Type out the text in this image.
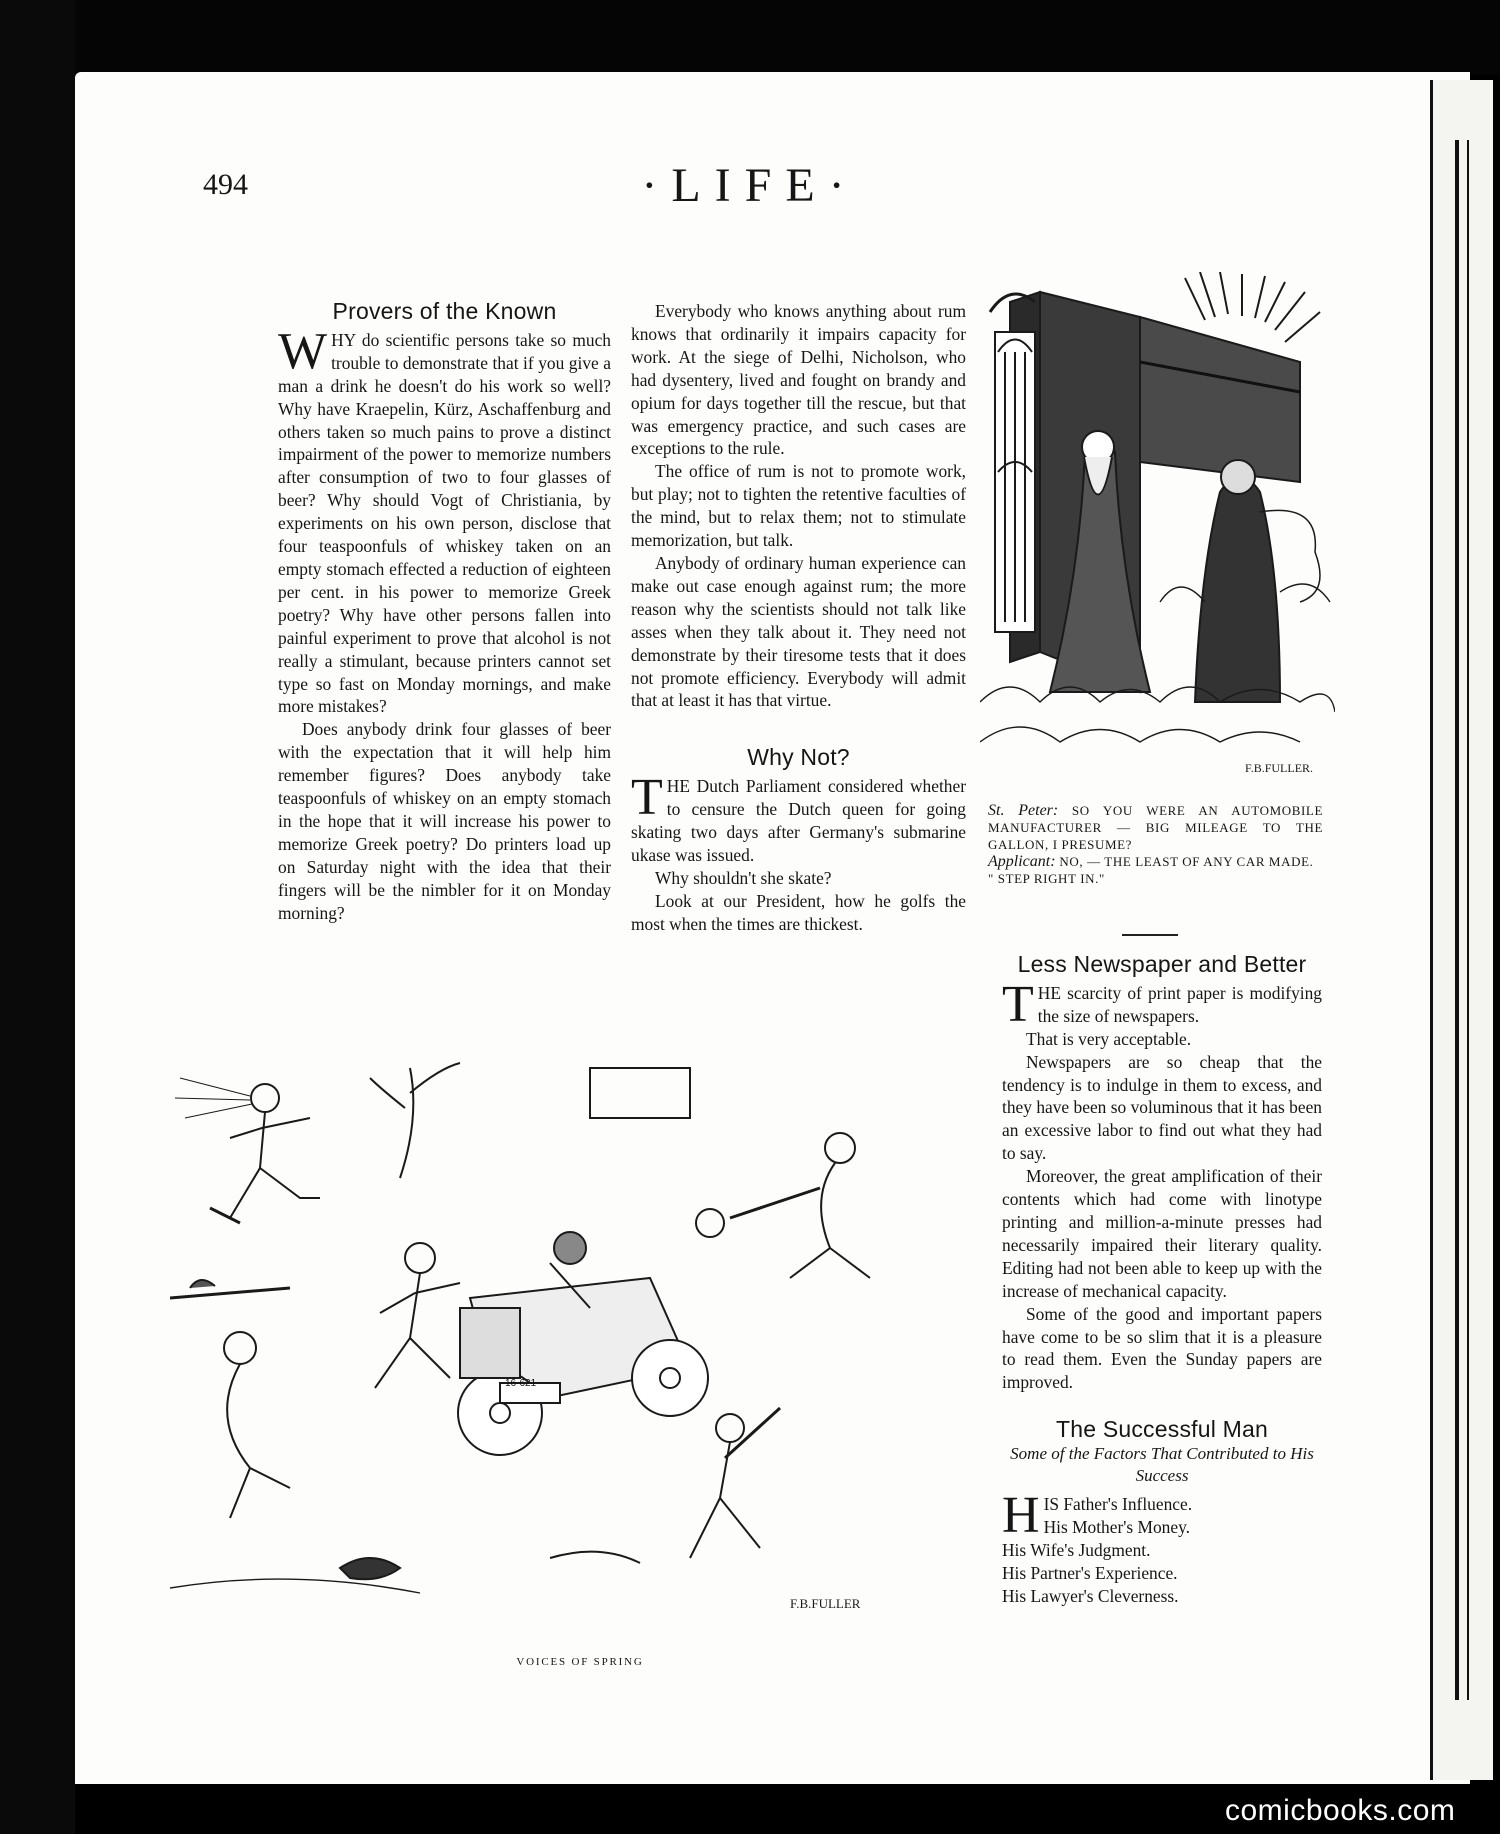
494	·LIFE·
Provers of the Known

WHY do scientific persons take so much trouble to demonstrate that if you give a man a drink he doesn't do his work so well? Why have Kraepelin, Kürz, Aschaffenburg and others taken so much pains to prove a distinct impairment of the power to memorize numbers after consumption of two to four glasses of beer? Why should Vogt of Christiania, by experiments on his own person, disclose that four teaspoonfuls of whiskey taken on an empty stomach effected a reduction of eighteen per cent. in his power to memorize Greek poetry? Why have other persons fallen into painful experiment to prove that alcohol is not really a stimulant, because printers cannot set type so fast on Monday mornings, and make more mistakes?

Does anybody drink four glasses of beer with the expectation that it will help him remember figures? Does anybody take teaspoonfuls of whiskey on an empty stomach in the hope that it will increase his power to memorize Greek poetry? Do printers load up on Saturday night with the idea that their fingers will be the nimbler for it on Monday morning?

Everybody who knows anything about rum knows that ordinarily it impairs capacity for work. At the siege of Delhi, Nicholson, who had dysentery, lived and fought on brandy and opium for days together till the rescue, but that was emergency practice, and such cases are exceptions to the rule.

The office of rum is not to promote work, but play; not to tighten the retentive faculties of the mind, but to relax them; not to stimulate memorization, but talk.

Anybody of ordinary human experience can make out case enough against rum; the more reason why the scientists should not talk like asses when they talk about it. They need not demonstrate by their tiresome tests that it does not promote efficiency. Everybody will admit that at least it has that virtue.

Why Not?

THE Dutch Parliament considered whether to censure the Dutch queen for going skating two days after Germany's submarine ukase was issued.

Why shouldn't she skate?

Look at our President, how he golfs the most when the times are thickest.

F.B.FULLER.
St. Peter: SO YOU WERE AN AUTOMOBILE MANUFACTURER — BIG MILEAGE TO THE GALLON, I PRESUME?
Applicant: NO, — THE LEAST OF ANY CAR MADE.
" STEP RIGHT IN."
Less Newspaper and Better

THE scarcity of print paper is modifying the size of newspapers.

That is very acceptable.

Newspapers are so cheap that the tendency is to indulge in them to excess, and they have been so voluminous that it has been an excessive labor to find out what they had to say.

Moreover, the great amplification of their contents which had come with linotype printing and million-a-minute presses had necessarily impaired their literary quality. Editing had not been able to keep up with the increase of mechanical capacity.

Some of the good and important papers have come to be so slim that it is a pleasure to read them. Even the Sunday papers are improved.

The Successful Man
Some of the Factors That Contributed to His Success
HIS Father's Influence.
His Mother's Money.
His Wife's Judgment.
His Partner's Experience.
His Lawyer's Cleverness.
16-621
F.B.FULLER
VOICES OF SPRING
comicbooks.com
